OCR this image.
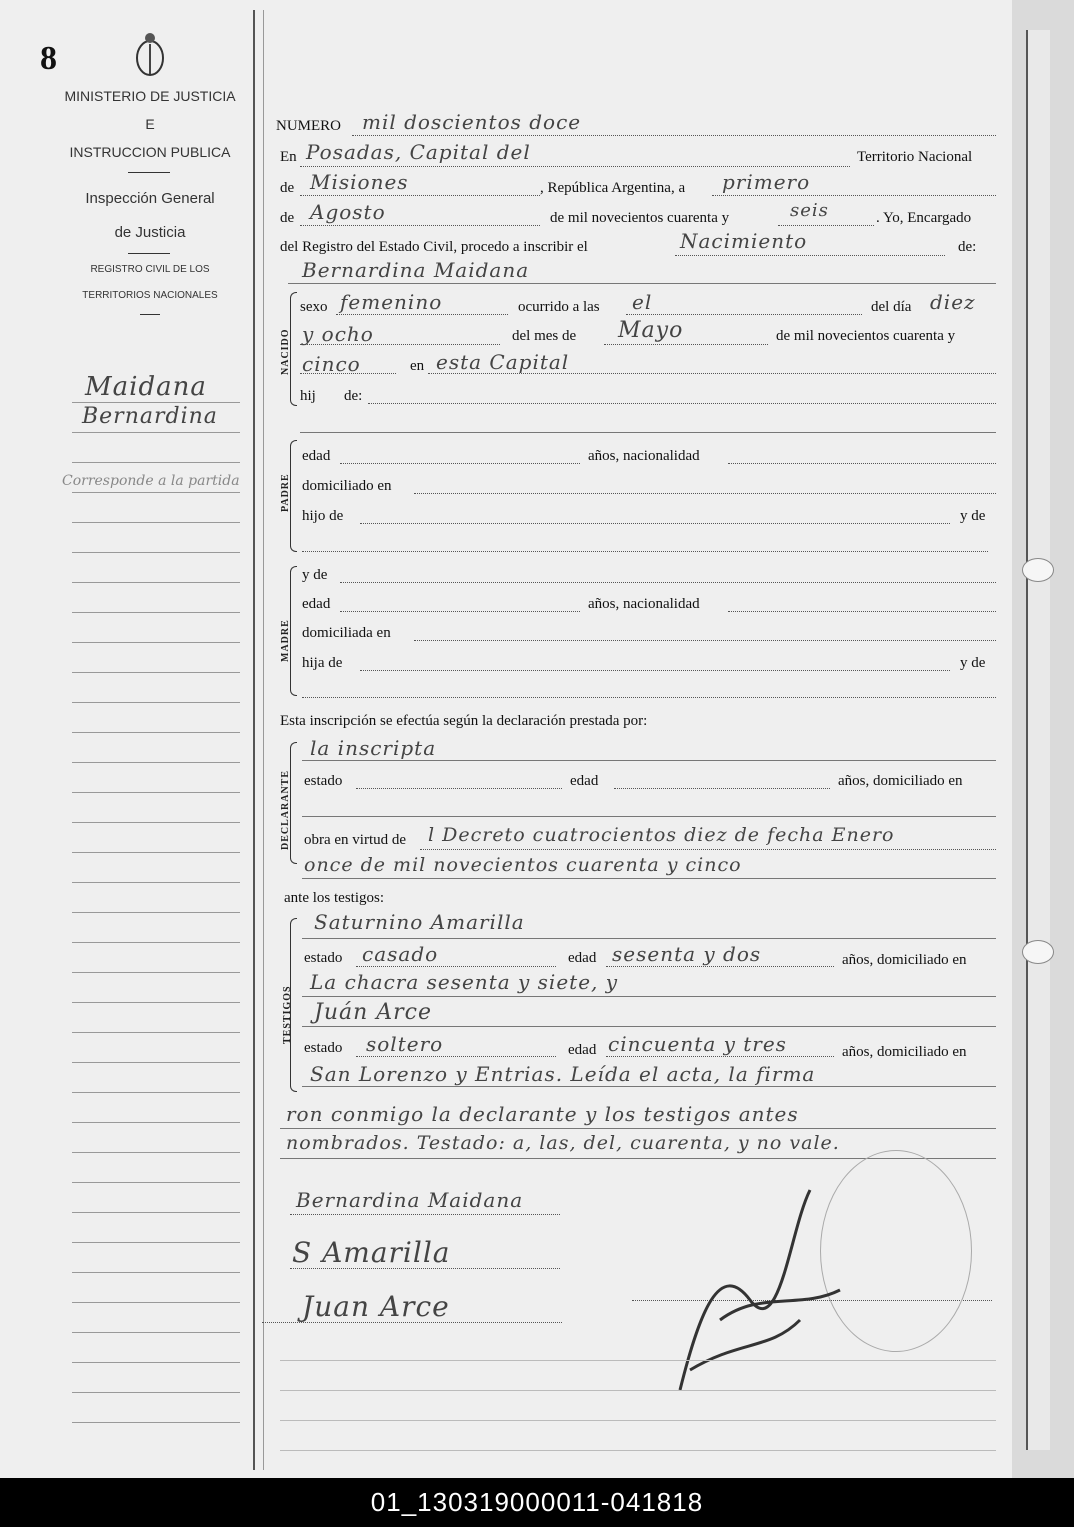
8
MINISTERIO DE JUSTICIA
E
INSTRUCCION PUBLICA
Inspección General
de Justicia
REGISTRO CIVIL DE LOS
TERRITORIOS NACIONALES
Maidana
Bernardina
Corresponde a la partida
NUMERO mil doscientos doce
En Posadas, Capital del	Territorio Nacional
de Misiones	, República Argentina, a primero
de Agosto	de mil novecientos cuarenta y	seis	. Yo, Encargado
del Registro del Estado Civil, procedo a inscribir el	Nacimiento	de:
Bernardina Maidana
NACIDO
sexo femenino	ocurrido a las el	del día diez
y ocho	del mes de Mayo	de mil novecientos cuarenta y
cinco	en esta Capital
hij de:
PADRE
edad	años, nacionalidad
domiciliado en
hijo de	y de
MADRE
y de
edad	años, nacionalidad
domiciliada en
hija de	y de
Esta inscripción se efectúa según la declaración prestada por:
DECLARANTE
la inscripta
estado	edad	años, domiciliado en
obra en virtud de l Decreto cuatrocientos diez de fecha Enero
once de mil novecientos cuarenta y cinco
ante los testigos:
TESTIGOS
Saturnino Amarilla
estado casado	edad sesenta y dos	años, domiciliado en
La chacra sesenta y siete, y
Juán Arce
estado soltero	edad cincuenta y tres	años, domiciliado en
San Lorenzo y Entrias. Leída el acta, la firma
ron conmigo la declarante y los testigos antes
nombrados. Testado: a, las, del, cuarenta, y no vale.
Bernardina Maidana
S Amarilla
Juan Arce
01_130319000011-041818
